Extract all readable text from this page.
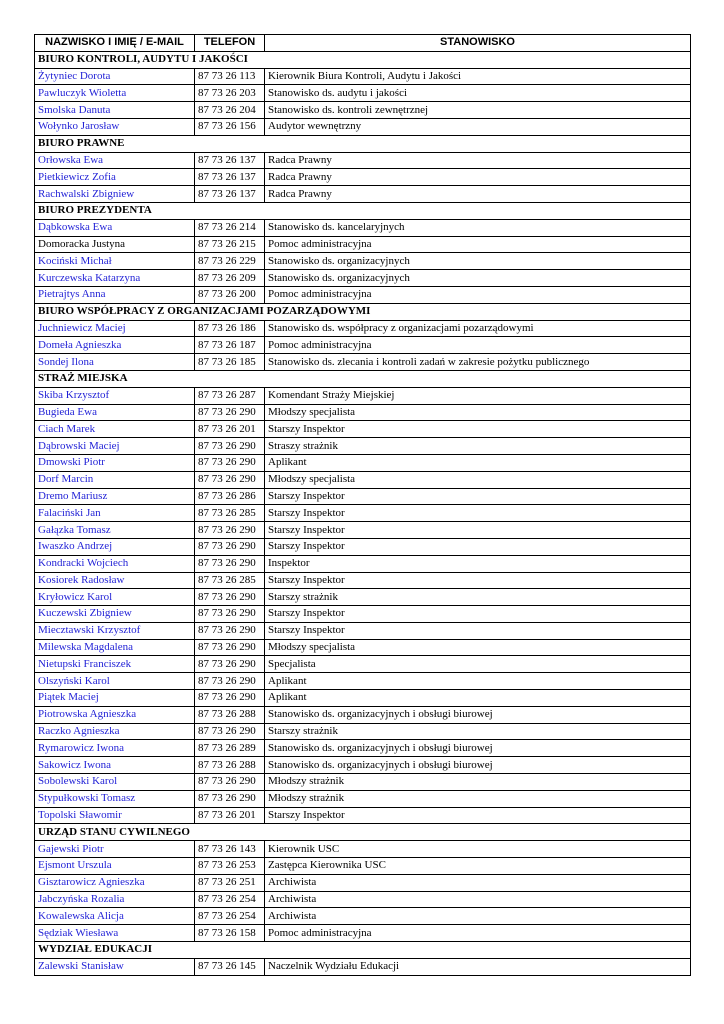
NAZWISKO I IMIĘ / E-MAIL	TELEFON	STANOWISKO
BIURO KONTROLI, AUDYTU I JAKOŚCI		
Żytyniec Dorota	87 73 26 113	Kierownik Biura Kontroli, Audytu i Jakości
Pawluczyk Wioletta	87 73 26 203	Stanowisko ds. audytu i jakości
Smolska Danuta	87 73 26 204	Stanowisko ds. kontroli zewnętrznej
Wołynko Jarosław	87 73 26 156	Audytor wewnętrzny
BIURO PRAWNE		
Orłowska Ewa	87 73 26 137	Radca Prawny
Pietkiewicz Zofia	87 73 26 137	Radca Prawny
Rachwalski Zbigniew	87 73 26 137	Radca Prawny
BIURO PREZYDENTA		
Dąbkowska Ewa	87 73 26 214	Stanowisko ds. kancelaryjnych
Domoracka Justyna	87 73 26 215	Pomoc administracyjna
Kociński Michał	87 73 26 229	Stanowisko ds. organizacyjnych
Kurczewska Katarzyna	87 73 26 209	Stanowisko ds. organizacyjnych
Pietrajtys Anna	87 73 26 200	Pomoc administracyjna
BIURO WSPÓŁPRACY Z ORGANIZACJAMI POZARZĄDOWYMI		
Juchniewicz Maciej	87 73 26 186	Stanowisko ds. współpracy z organizacjami pozarządowymi
Domeła Agnieszka	87 73 26 187	Pomoc administracyjna
Sondej Ilona	87 73 26 185	Stanowisko ds. zlecania i kontroli zadań w zakresie pożytku publicznego
STRAŻ MIEJSKA		
Skiba Krzysztof	87 73 26 287	Komendant Straży Miejskiej
Bugieda Ewa	87 73 26 290	Młodszy specjalista
Ciach Marek	87 73 26 201	Starszy Inspektor
Dąbrowski Maciej	87 73 26 290	Straszy strażnik
Dmowski Piotr	87 73 26 290	Aplikant
Dorf Marcin	87 73 26 290	Młodszy specjalista
Dremo Mariusz	87 73 26 286	Starszy Inspektor
Falaciński Jan	87 73 26 285	Starszy Inspektor
Gałązka Tomasz	87 73 26 290	Starszy Inspektor
Iwaszko Andrzej	87 73 26 290	Starszy Inspektor
Kondracki Wojciech	87 73 26 290	Inspektor
Kosiorek Radosław	87 73 26 285	Starszy Inspektor
Kryłowicz Karol	87 73 26 290	Starszy strażnik
Kuczewski Zbigniew	87 73 26 290	Starszy Inspektor
Miecztawski Krzysztof	87 73 26 290	Starszy Inspektor
Milewska Magdalena	87 73 26 290	Młodszy specjalista
Nietupski Franciszek	87 73 26 290	Specjalista
Olszyński Karol	87 73 26 290	Aplikant
Piątek Maciej	87 73 26 290	Aplikant
Piotrowska Agnieszka	87 73 26 288	Stanowisko ds. organizacyjnych i obsługi biurowej
Raczko Agnieszka	87 73 26 290	Starszy strażnik
Rymarowicz Iwona	87 73 26 289	Stanowisko ds. organizacyjnych i obsługi biurowej
Sakowicz Iwona	87 73 26 288	Stanowisko ds. organizacyjnych i obsługi biurowej
Sobolewski Karol	87 73 26 290	Młodszy strażnik
Stypułkowski Tomasz	87 73 26 290	Młodszy strażnik
Topolski Sławomir	87 73 26 201	Starszy Inspektor
URZĄD STANU CYWILNEGO		
Gajewski Piotr	87 73 26 143	Kierownik USC
Ejsmont Urszula	87 73 26 253	Zastępca Kierownika USC
Gisztarowicz Agnieszka	87 73 26 251	Archiwista
Jabczyńska Rozalia	87 73 26 254	Archiwista
Kowalewska Alicja	87 73 26 254	Archiwista
Sędziak Wiesława	87 73 26 158	Pomoc administracyjna
WYDZIAŁ EDUKACJI		
Zalewski Stanisław	87 73 26 145	Naczelnik Wydziału Edukacji
